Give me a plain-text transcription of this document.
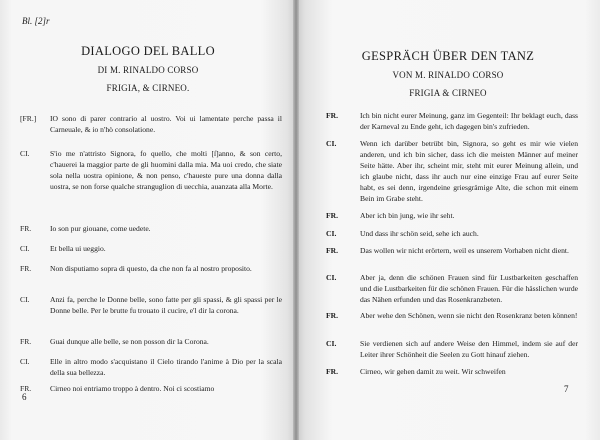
Bl. [2]r
DIALOGO DEL BALLO
DI M. RINALDO CORSO
FRIGIA, & CIRNEO.
[FR.]	IO sono di parer contrario al uostro. Voi ui lamentate perche passa il Carneuale, & io n'hò consolatione.
CI.	S'io me n'attristo Signora, fo quello, che molti [ſ]anno, & son certo, c'hauerei la maggior parte de gli huomini dalla mia. Ma uoi credo, che siate sola nella uostra opinione, & non penso, c'haueste pure una donna dalla uostra, se non forse qualche stranguglion di uecchia, auanzata alla Morte.
FR.	Io son pur giouane, come uedete.
CI.	Et bella ui ueggio.
FR.	Non disputiamo sopra di questo, da che non fa al nostro proposito.
CI.	Anzi fa, perche le Donne belle, sono fatte per gli spassi, & gli spassi per le Donne belle. Per le brutte fu trouato il cucire, e'l dir la corona.
FR.	Guai dunque alle belle, se non posson dir la Corona.
CI.	Elle in altro modo s'acquistano il Cielo tirando l'anime à Dio per la scala della sua bellezza.
FR.	Cirneo noi entriamo troppo à dentro. Noi ci scostiamo
6
GESPRÄCH ÜBER DEN TANZ
VON M. RINALDO CORSO
FRIGIA & CIRNEO
FR.	Ich bin nicht eurer Meinung, ganz im Gegenteil: Ihr beklagt euch, dass der Karneval zu Ende geht, ich dagegen bin's zufrieden.
CI.	Wenn ich darüber betrübt bin, Signora, so geht es mir wie vielen anderen, und ich bin sicher, dass ich die meisten Männer auf meiner Seite hätte. Aber ihr, scheint mir, steht mit eurer Meinung allein, und ich glaube nicht, dass ihr auch nur eine einzige Frau auf eurer Seite habt, es sei denn, irgendeine griesgrämige Alte, die schon mit einem Bein im Grabe steht.
FR.	Aber ich bin jung, wie ihr seht.
CI.	Und dass ihr schön seid, sehe ich auch.
FR.	Das wollen wir nicht erörtern, weil es unserem Vorhaben nicht dient.
CI.	Aber ja, denn die schönen Frauen sind für Lustbarkeiten geschaffen und die Lustbarkeiten für die schönen Frauen. Für die hässlichen wurde das Nähen erfunden und das Rosenkranzbeten.
FR.	Aber wehe den Schönen, wenn sie nicht den Rosenkranz beten können!
CI.	Sie verdienen sich auf andere Weise den Himmel, indem sie auf der Leiter ihrer Schönheit die Seelen zu Gott hinauf ziehen.
FR.	Cirneo, wir gehen damit zu weit. Wir schweifen
7
